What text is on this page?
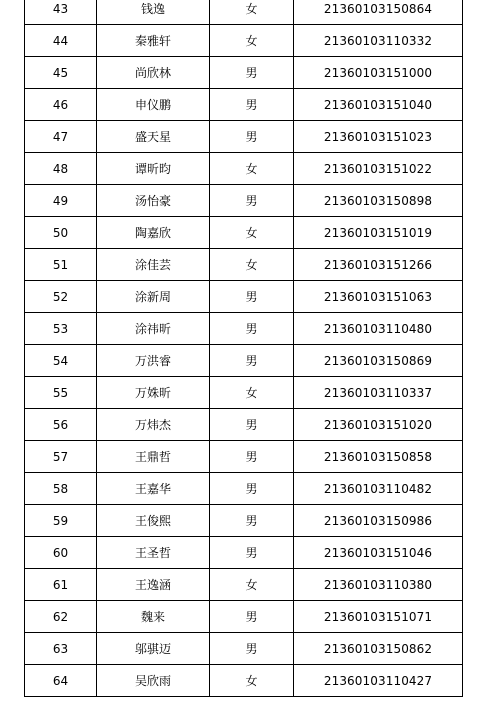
43	钱逸	女	21360103150864
44	秦雅轩	女	21360103110332
45	尚欣林	男	21360103151000
46	申仪鹏	男	21360103151040
47	盛天星	男	21360103151023
48	谭昕昀	女	21360103151022
49	汤怡豪	男	21360103150898
50	陶嘉欣	女	21360103151019
51	涂佳芸	女	21360103151266
52	涂新周	男	21360103151063
53	涂祎昕	男	21360103110480
54	万洪睿	男	21360103150869
55	万姝昕	女	21360103110337
56	万炜杰	男	21360103151020
57	王鼎哲	男	21360103150858
58	王嘉华	男	21360103110482
59	王俊熙	男	21360103150986
60	王圣哲	男	21360103151046
61	王逸涵	女	21360103110380
62	魏来	男	21360103151071
63	邬骐迈	男	21360103150862
64	吴欣雨	女	21360103110427
